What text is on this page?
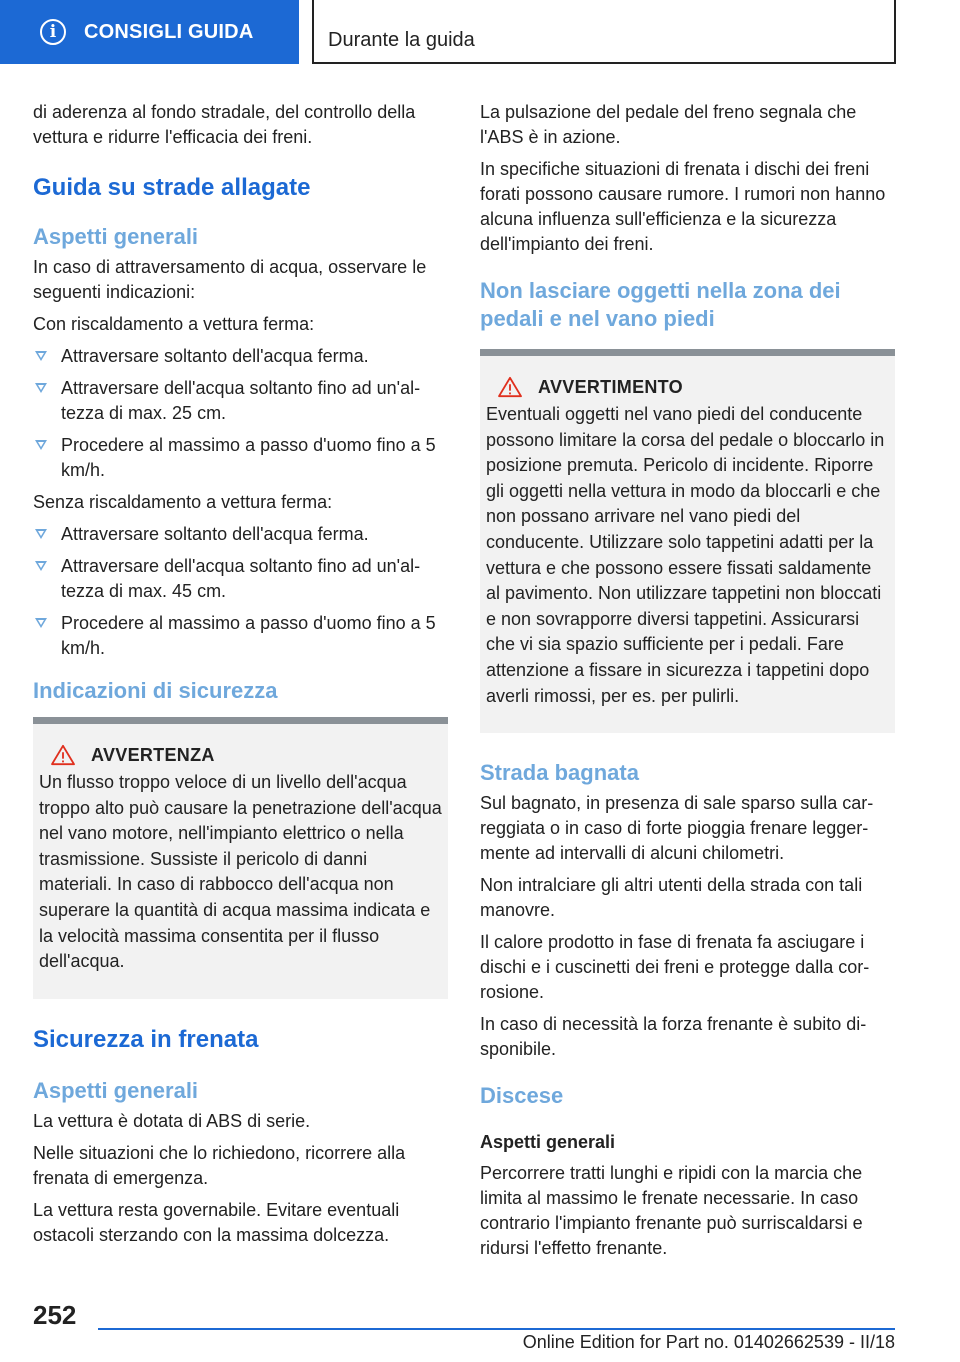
i	CONSIGLI GUIDA	Durante la guida

di aderenza al fondo stradale, del controllo della vettura e ridurre l'efficacia dei freni.

Guida su strade allagate
Aspetti generali

In caso di attraversamento di acqua, osservare le seguenti indicazioni:

Con riscaldamento a vettura ferma:

Attraversare soltanto dell'acqua ferma.
Attraversare dell'acqua soltanto fino ad un'altezza di max. 25 cm.
Procedere al massimo a passo d'uomo fino a 5 km/h.

Senza riscaldamento a vettura ferma:

Attraversare soltanto dell'acqua ferma.
Attraversare dell'acqua soltanto fino ad un'altezza di max. 45 cm.
Procedere al massimo a passo d'uomo fino a 5 km/h.
Indicazioni di sicurezza
AVVERTENZA

Un flusso troppo veloce di un livello dell'acqua troppo alto può causare la penetrazione dell'acqua nel vano motore, nell'impianto elettrico o nella trasmissione. Sussiste il pericolo di danni materiali. In caso di rabbocco dell'acqua non superare la quantità di acqua massima indicata e la velocità massima consentita per il flusso dell'acqua.

Sicurezza in frenata
Aspetti generali

La vettura è dotata di ABS di serie.

Nelle situazioni che lo richiedono, ricorrere alla frenata di emergenza.

La vettura resta governabile. Evitare eventuali ostacoli sterzando con la massima dolcezza.

La pulsazione del pedale del freno segnala che l'ABS è in azione.

In specifiche situazioni di frenata i dischi dei freni forati possono causare rumore. I rumori non hanno alcuna influenza sull'efficienza e la sicurezza dell'impianto dei freni.

Non lasciare oggetti nella zona dei pedali e nel vano piedi
AVVERTIMENTO

Eventuali oggetti nel vano piedi del conducente possono limitare la corsa del pedale o bloccarlo in posizione premuta. Pericolo di incidente. Riporre gli oggetti nella vettura in modo da bloccarli e che non possano arrivare nel vano piedi del conducente. Utilizzare solo tappetini adatti per la vettura e che possono essere fissati saldamente al pavimento. Non utilizzare tappetini non bloccati e non sovrapporre diversi tappetini. Assicurarsi che vi sia spazio sufficiente per i pedali. Fare attenzione a fissare in sicurezza i tappetini dopo averli rimossi, per es. per pulirli.

Strada bagnata

Sul bagnato, in presenza di sale sparso sulla carreggiata o in caso di forte pioggia frenare leggermente ad intervalli di alcuni chilometri.

Non intralciare gli altri utenti della strada con tali manovre.

Il calore prodotto in fase di frenata fa asciugare i dischi e i cuscinetti dei freni e protegge dalla corrosione.

In caso di necessità la forza frenante è subito disponibile.

Discese
Aspetti generali

Percorrere tratti lunghi e ripidi con la marcia che limita al massimo le frenate necessarie. In caso contrario l'impianto frenante può surriscaldarsi e ridursi l'effetto frenante.

252
Online Edition for Part no. 01402662539 - II/18
